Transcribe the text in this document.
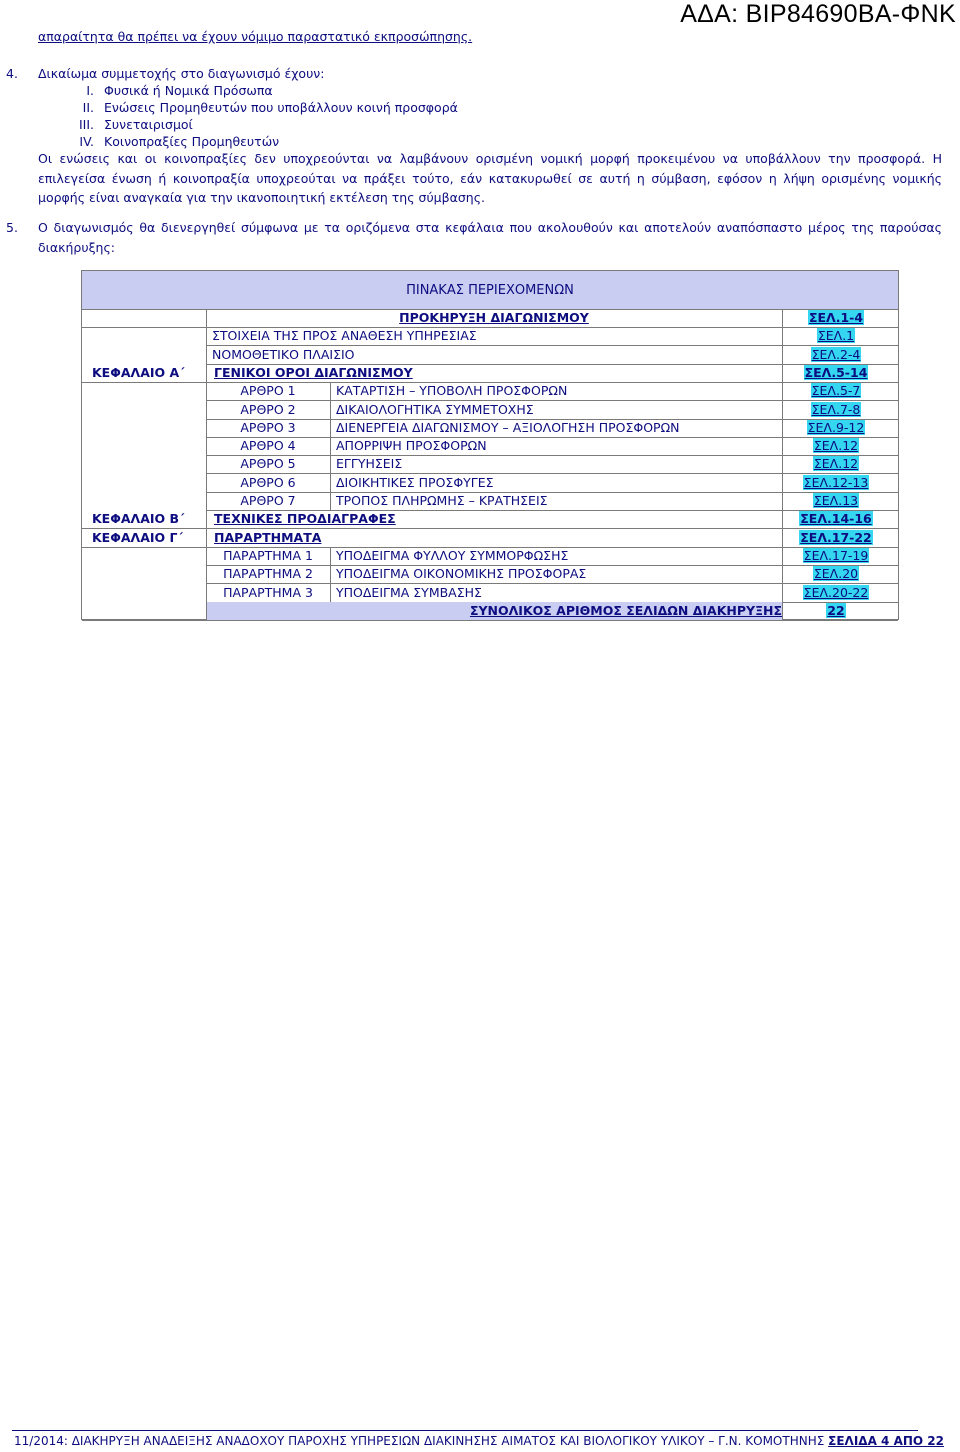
ΑΔΑ: ΒΙΡ84690ΒΑ-ΦΝΚ
απαραίτητα θα πρέπει να έχουν νόμιμο παραστατικό εκπροσώπησης.
4. Δικαίωμα συμμετοχής στο διαγωνισμό έχουν:
I. Φυσικά ή Νομικά Πρόσωπα
II. Ενώσεις Προμηθευτών που υποβάλλουν κοινή προσφορά
III. Συνεταιρισμοί
IV. Κοινοπραξίες Προμηθευτών
Οι ενώσεις και οι κοινοπραξίες δεν υποχρεούνται να λαμβάνουν ορισμένη νομική μορφή προκειμένου να υποβάλλουν την προσφορά. Η επιλεγείσα ένωση ή κοινοπραξία υποχρεούται να πράξει τούτο, εάν κατακυρωθεί σε αυτή η σύμβαση, εφόσον η λήψη ορισμένης νομικής μορφής είναι αναγκαία για την ικανοποιητική εκτέλεση της σύμβασης.
5. Ο διαγωνισμός θα διενεργηθεί σύμφωνα με τα οριζόμενα στα κεφάλαια που ακολουθούν και αποτελούν αναπόσπαστο μέρος της παρούσας διακήρυξης:
ΠΙΝΑΚΑΣ ΠΕΡΙΕΧΟΜΕΝΩΝ
ΠΡΟΚΗΡΥΞΗ ΔΙΑΓΩΝΙΣΜΟΥ	ΣΕΛ.1-4
ΣΤΟΙΧΕΙΑ ΤΗΣ ΠΡΟΣ ΑΝΑΘΕΣΗ ΥΠΗΡΕΣΙΑΣ	ΣΕΛ.1
ΝΟΜΟΘΕΤΙΚΟ ΠΛΑΙΣΙΟ	ΣΕΛ.2-4
ΚΕΦΑΛΑΙΟ Α΄ ΓΕΝΙΚΟΙ ΟΡΟΙ ΔΙΑΓΩΝΙΣΜΟΥ	ΣΕΛ.5-14
ΑΡΘΡΟ 1	ΚΑΤΑΡΤΙΣΗ – ΥΠΟΒΟΛΗ ΠΡΟΣΦΟΡΩΝ	ΣΕΛ.5-7
ΑΡΘΡΟ 2	ΔΙΚΑΙΟΛΟΓΗΤΙΚΑ ΣΥΜΜΕΤΟΧΗΣ	ΣΕΛ.7-8
ΑΡΘΡΟ 3	ΔΙΕΝΕΡΓΕΙΑ ΔΙΑΓΩΝΙΣΜΟΥ – ΑΞΙΟΛΟΓΗΣΗ ΠΡΟΣΦΟΡΩΝ	ΣΕΛ.9-12
ΑΡΘΡΟ 4	ΑΠΟΡΡΙΨΗ ΠΡΟΣΦΟΡΩΝ	ΣΕΛ.12
ΑΡΘΡΟ 5	ΕΓΓΥΗΣΕΙΣ	ΣΕΛ.12
ΑΡΘΡΟ 6	ΔΙΟΙΚΗΤΙΚΕΣ ΠΡΟΣΦΥΓΕΣ	ΣΕΛ.12-13
ΑΡΘΡΟ 7	ΤΡΟΠΟΣ ΠΛΗΡΩΜΗΣ – ΚΡΑΤΗΣΕΙΣ	ΣΕΛ.13
ΚΕΦΑΛΑΙΟ Β΄ ΤΕΧΝΙΚΕΣ ΠΡΟΔΙΑΓΡΑΦΕΣ	ΣΕΛ.14-16
ΚΕΦΑΛΑΙΟ Γ΄ ΠΑΡΑΡΤΗΜΑΤΑ	ΣΕΛ.17-22
ΠΑΡΑΡΤΗΜΑ 1	ΥΠΟΔΕΙΓΜΑ ΦΥΛΛΟΥ ΣΥΜΜΟΡΦΩΣΗΣ	ΣΕΛ.17-19
ΠΑΡΑΡΤΗΜΑ 2	ΥΠΟΔΕΙΓΜΑ ΟΙΚΟΝΟΜΙΚΗΣ ΠΡΟΣΦΟΡΑΣ	ΣΕΛ.20
ΠΑΡΑΡΤΗΜΑ 3	ΥΠΟΔΕΙΓΜΑ ΣΥΜΒΑΣΗΣ	ΣΕΛ.20-22
ΣΥΝΟΛΙΚΟΣ ΑΡΙΘΜΟΣ ΣΕΛΙΔΩΝ ΔΙΑΚΗΡΥΞΗΣ	22
11/2014: ΔΙΑΚΗΡΥΞΗ ΑΝΑΔΕΙΞΗΣ ΑΝΑΔΟΧΟΥ ΠΑΡΟΧΗΣ ΥΠΗΡΕΣΙΩΝ ΔΙΑΚΙΝΗΣΗΣ ΑΙΜΑΤΟΣ ΚΑΙ ΒΙΟΛΟΓΙΚΟΥ ΥΛΙΚΟΥ – Γ.Ν. ΚΟΜΟΤΗΝΗΣ ΣΕΛΙΔΑ 4 ΑΠΟ 22
